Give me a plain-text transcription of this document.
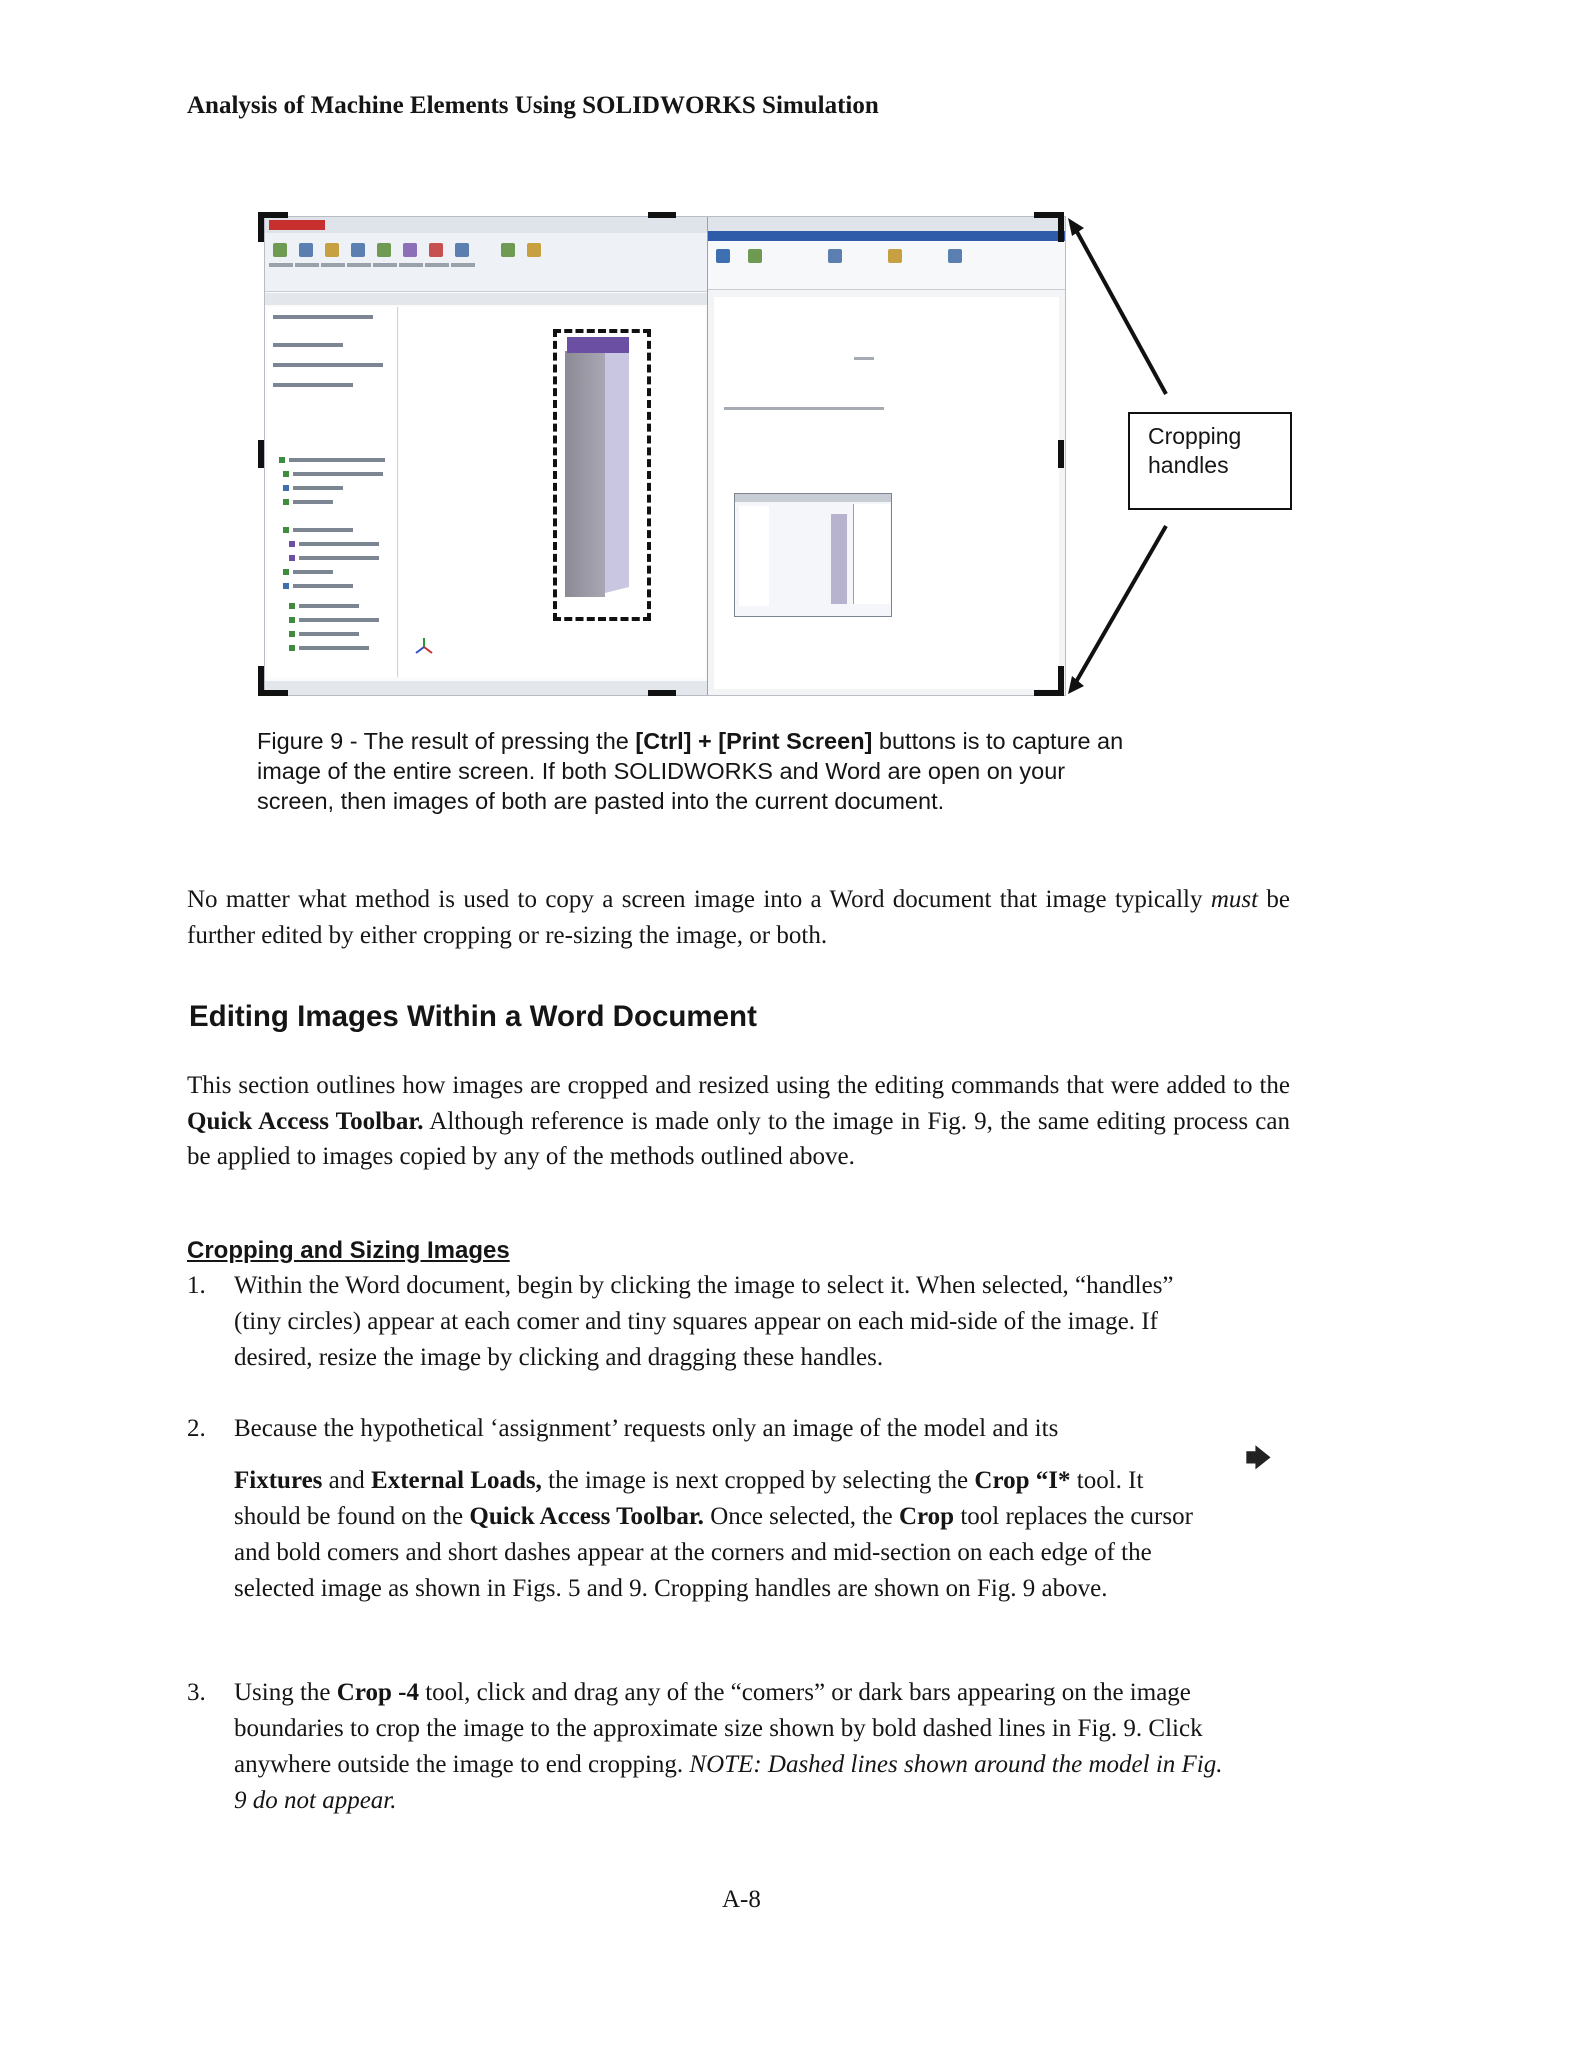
Analysis of Machine Elements Using SOLIDWORKS Simulation
Cropping
handles
Figure 9 - The result of pressing the [Ctrl] + [Print Screen] buttons is to capture an image of the entire screen. If both SOLIDWORKS and Word are open on your screen, then images of both are pasted into the current document.
No matter what method is used to copy a screen image into a Word document that image typically must be further edited by either cropping or re-sizing the image, or both.
Editing Images Within a Word Document
This section outlines how images are cropped and resized using the editing commands that were added to the Quick Access Toolbar. Although reference is made only to the image in Fig. 9, the same editing process can be applied to images copied by any of the methods outlined above.
Cropping and Sizing Images
1. Within the Word document, begin by clicking the image to select it. When selected, “handles” (tiny circles) appear at each comer and tiny squares appear on each mid-side of the image. If desired, resize the image by clicking and dragging these handles.
2. Because the hypothetical ‘assignment’ requests only an image of the model and its
Fixtures and External Loads, the image is next cropped by selecting the Crop “I* tool. It should be found on the Quick Access Toolbar. Once selected, the Crop tool replaces the cursor and bold comers and short dashes appear at the corners and mid-section on each edge of the selected image as shown in Figs. 5 and 9. Cropping handles are shown on Fig. 9 above.
🡆
3. Using the Crop -4 tool, click and drag any of the “comers” or dark bars appearing on the image boundaries to crop the image to the approximate size shown by bold dashed lines in Fig. 9. Click anywhere outside the image to end cropping. NOTE: Dashed lines shown around the model in Fig. 9 do not appear.
A-8
